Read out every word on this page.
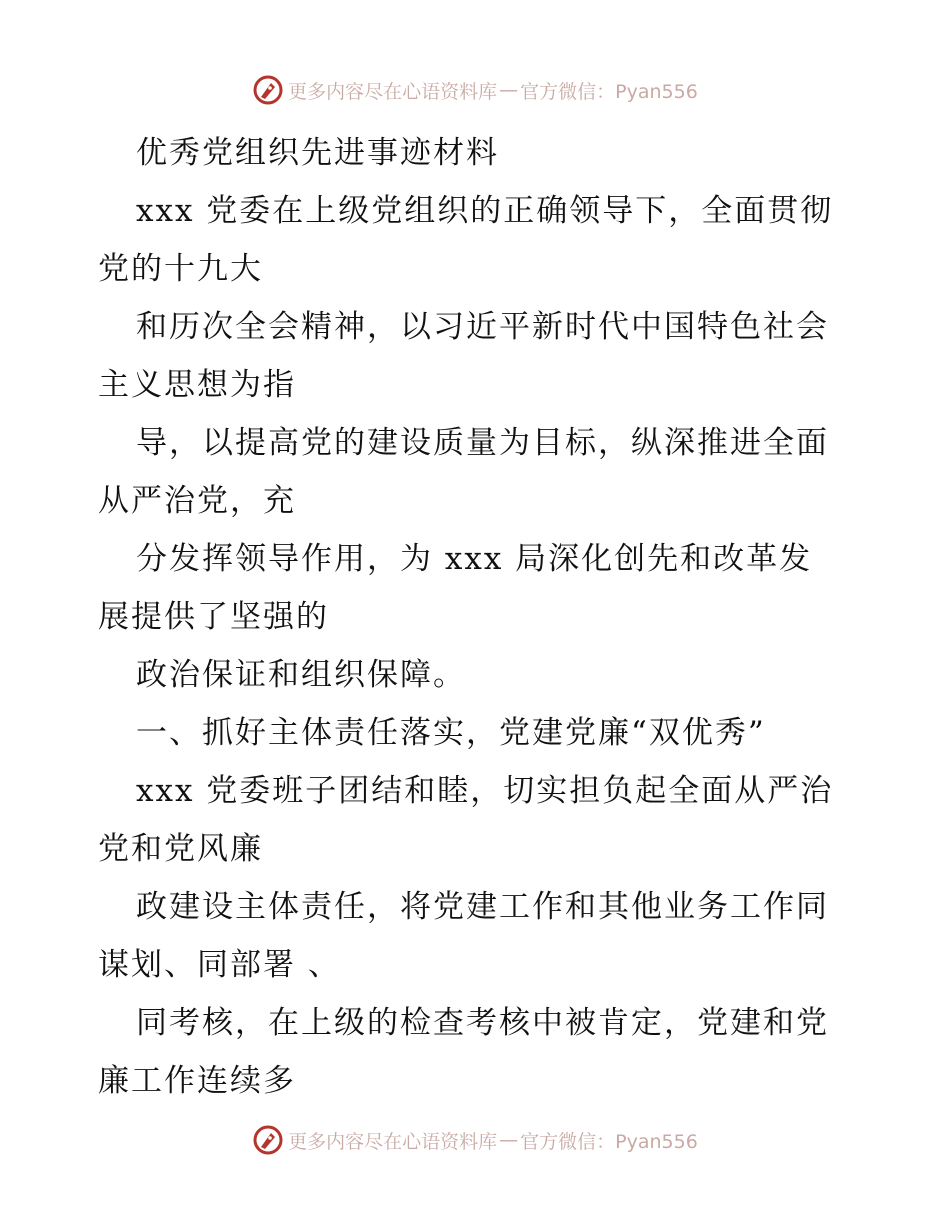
更多内容尽在心语资料库 — 官方微信：Pyan556
优秀党组织先进事迹材料
xxx 党委在上级党组织的正确领导下，全面贯彻
党的十九大
和历次全会精神，以习近平新时代中国特色社会
主义思想为指
导，以提高党的建设质量为目标，纵深推进全面
从严治党，充
分发挥领导作用，为 xxx 局深化创先和改革发
展提供了坚强的
政治保证和组织保障。
一、抓好主体责任落实，党建党廉“双优秀”
xxx 党委班子团结和睦，切实担负起全面从严治
党和党风廉
政建设主体责任，将党建工作和其他业务工作同
谋划、同部署 、
同考核，在上级的检查考核中被肯定，党建和党
廉工作连续多
更多内容尽在心语资料库 — 官方微信：Pyan556
